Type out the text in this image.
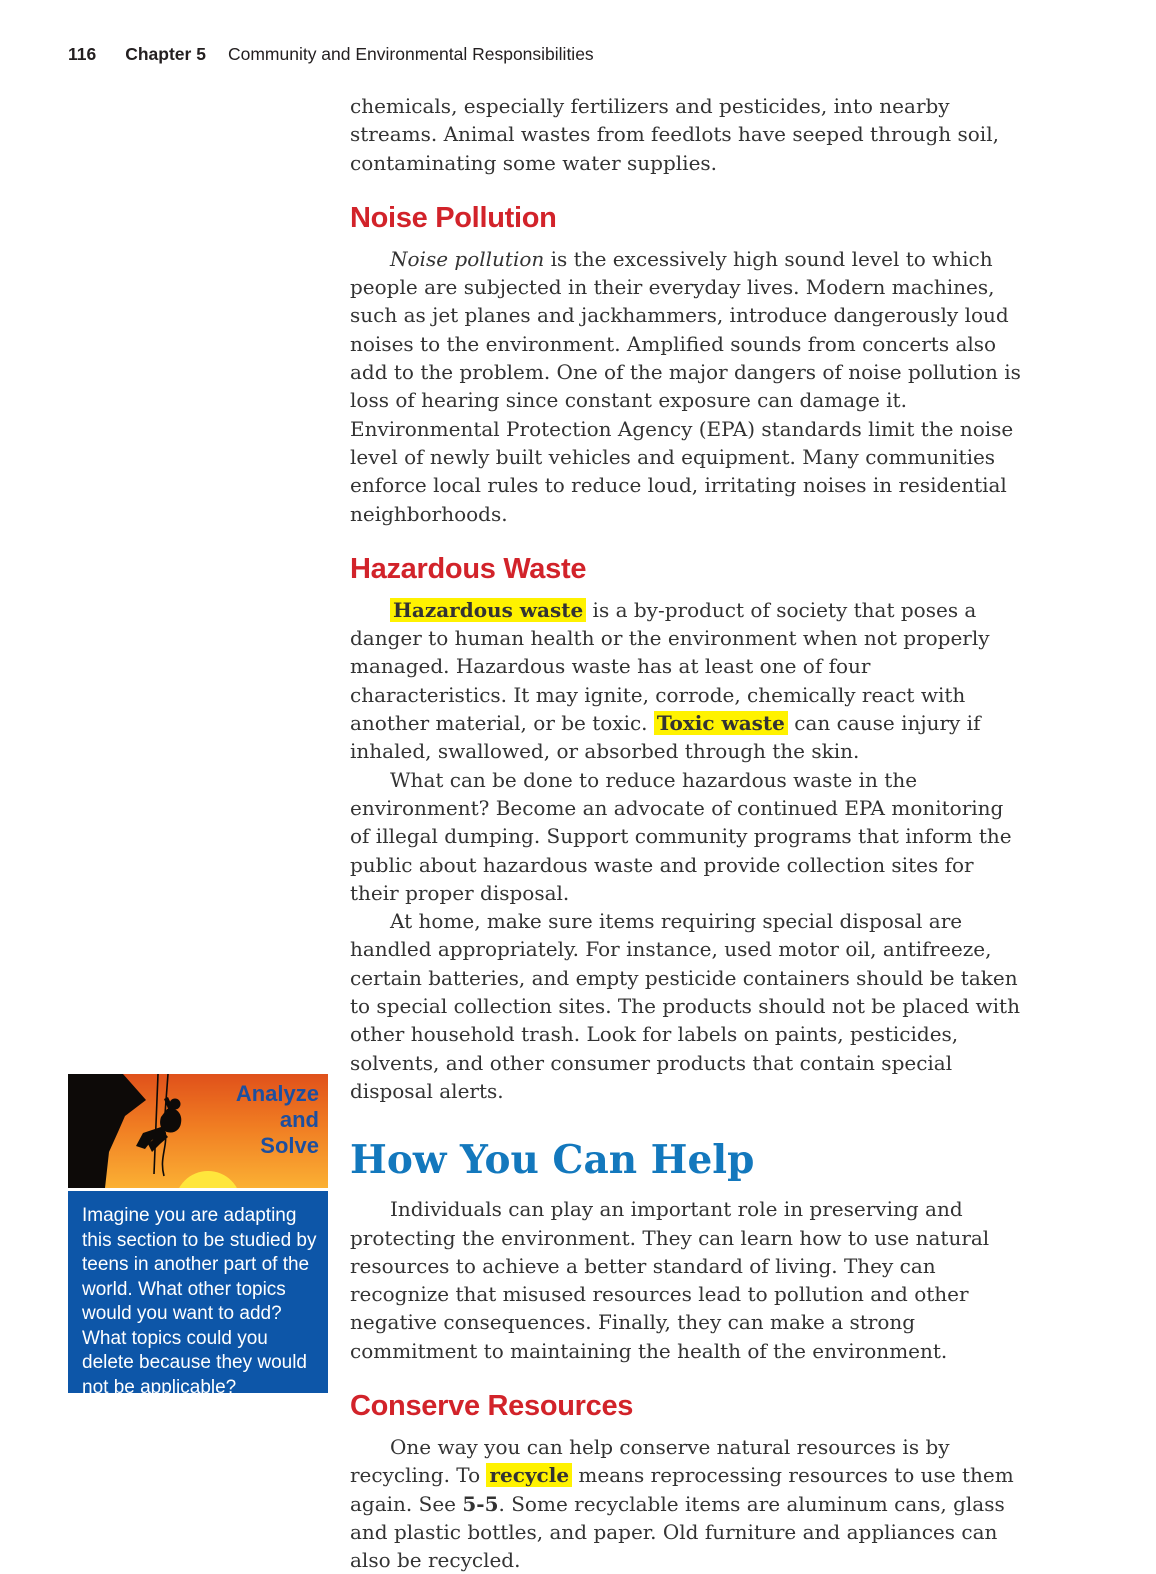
116 Chapter 5 Community and Environmental Responsibilities

chemicals, especially fertilizers and pesticides, into nearby streams. Animal wastes from feedlots have seeped through soil, contaminating some water supplies.

Noise Pollution

Noise pollution is the excessively high sound level to which people are subjected in their everyday lives. Modern machines, such as jet planes and jackhammers, introduce dangerously loud noises to the environment. Amplified sounds from concerts also add to the problem. One of the major dangers of noise pollution is loss of hearing since constant exposure can damage it. Environmental Protection Agency (EPA) standards limit the noise level of newly built vehicles and equipment. Many communities enforce local rules to reduce loud, irritating noises in residential neighborhoods.

Hazardous Waste

Hazardous waste is a by-product of society that poses a danger to human health or the environment when not properly managed. Hazardous waste has at least one of four characteristics. It may ignite, corrode, chemically react with another material, or be toxic. Toxic waste can cause injury if inhaled, swallowed, or absorbed through the skin.

What can be done to reduce hazardous waste in the environment? Become an advocate of continued EPA monitoring of illegal dumping. Support community programs that inform the public about hazardous waste and provide collection sites for their proper disposal.

At home, make sure items requiring special disposal are handled appropriately. For instance, used motor oil, antifreeze, certain batteries, and empty pesticide containers should be taken to special collection sites. The products should not be placed with other household trash. Look for labels on paints, pesticides, solvents, and other consumer products that contain special disposal alerts.

How You Can Help

Individuals can play an important role in preserving and protecting the environment. They can learn how to use natural resources to achieve a better standard of living. They can recognize that misused resources lead to pollution and other negative consequences. Finally, they can make a strong commitment to maintaining the health of the environment.

Conserve Resources

One way you can help conserve natural resources is by recycling. To recycle means reprocessing resources to use them again. See 5-5. Some recyclable items are aluminum cans, glass and plastic bottles, and paper. Old furniture and appliances can also be recycled.

Analyze
and
Solve
Imagine you are adapting this section to be studied by teens in another part of the world. What other topics would you want to add? What topics could you delete because they would not be applicable?
